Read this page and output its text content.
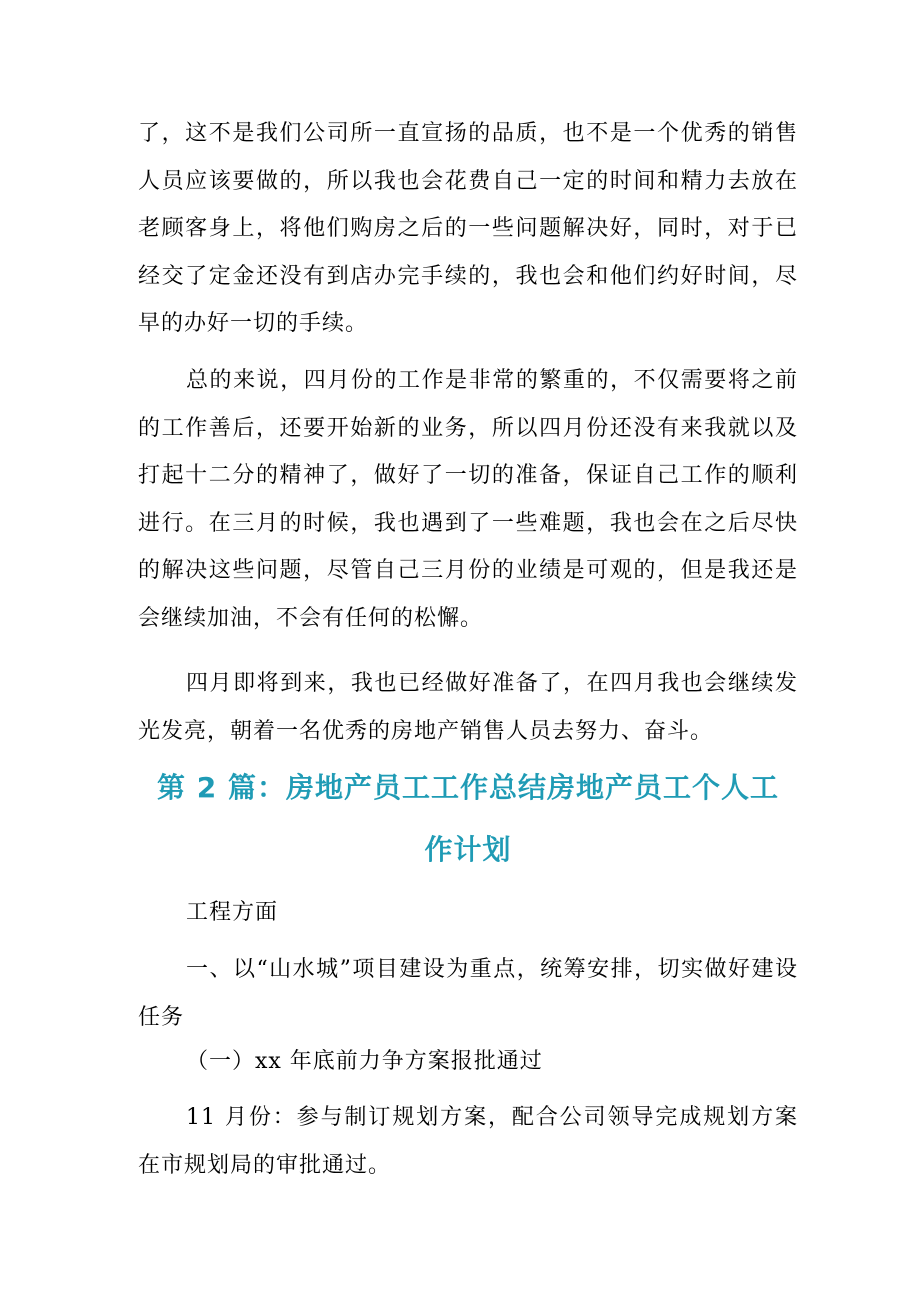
了，这不是我们公司所一直宣扬的品质，也不是一个优秀的销售人员应该要做的，所以我也会花费自己一定的时间和精力去放在老顾客身上，将他们购房之后的一些问题解决好，同时，对于已经交了定金还没有到店办完手续的，我也会和他们约好时间，尽早的办好一切的手续。

总的来说，四月份的工作是非常的繁重的，不仅需要将之前的工作善后，还要开始新的业务，所以四月份还没有来我就以及打起十二分的精神了，做好了一切的准备，保证自己工作的顺利进行。在三月的时候，我也遇到了一些难题，我也会在之后尽快的解决这些问题，尽管自己三月份的业绩是可观的，但是我还是会继续加油，不会有任何的松懈。

四月即将到来，我也已经做好准备了，在四月我也会继续发光发亮，朝着一名优秀的房地产销售人员去努力、奋斗。

第 2 篇：房地产员工工作总结房地产员工个人工
作计划

工程方面

一、以“山水城”项目建设为重点，统筹安排，切实做好建设任务

（一）xx 年底前力争方案报批通过

11 月份：参与制订规划方案，配合公司领导完成规划方案在市规划局的审批通过。
